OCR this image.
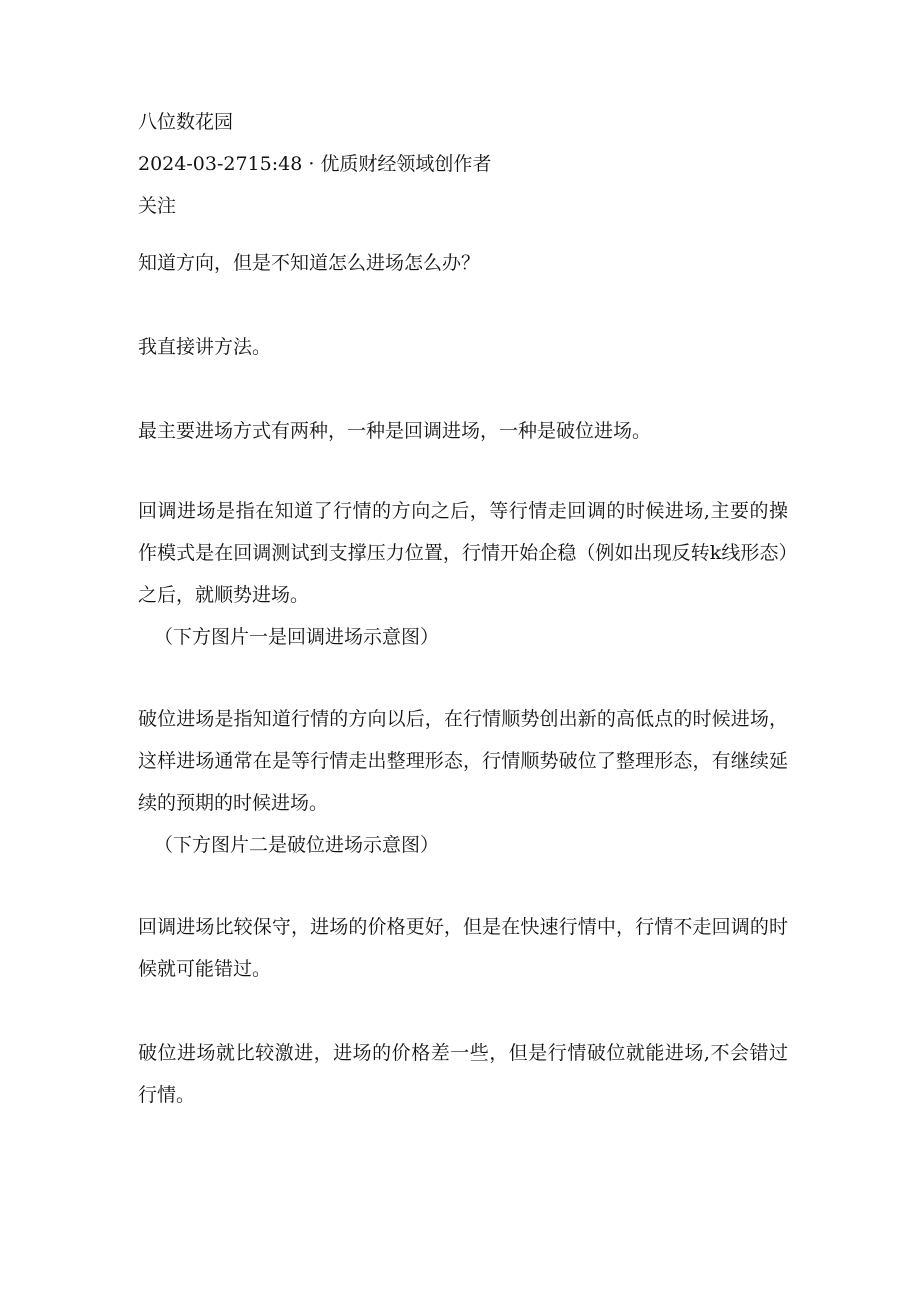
八位数花园
2024-03-2715:48 · 优质财经领域创作者
关注
知道方向，但是不知道怎么进场怎么办？
我直接讲方法。
最主要进场方式有两种，一种是回调进场，一种是破位进场。
回调进场是指在知道了行情的方向之后，等行情走回调的时候进场,主要的操作模式是在回调测试到支撑压力位置，行情开始企稳（例如出现反转k线形态）之后，就顺势进场。
（下方图片一是回调进场示意图）
破位进场是指知道行情的方向以后，在行情顺势创出新的高低点的时候进场，这样进场通常在是等行情走出整理形态，行情顺势破位了整理形态，有继续延续的预期的时候进场。
（下方图片二是破位进场示意图）
回调进场比较保守，进场的价格更好，但是在快速行情中，行情不走回调的时候就可能错过。
破位进场就比较激进，进场的价格差一些，但是行情破位就能进场,不会错过行情。
